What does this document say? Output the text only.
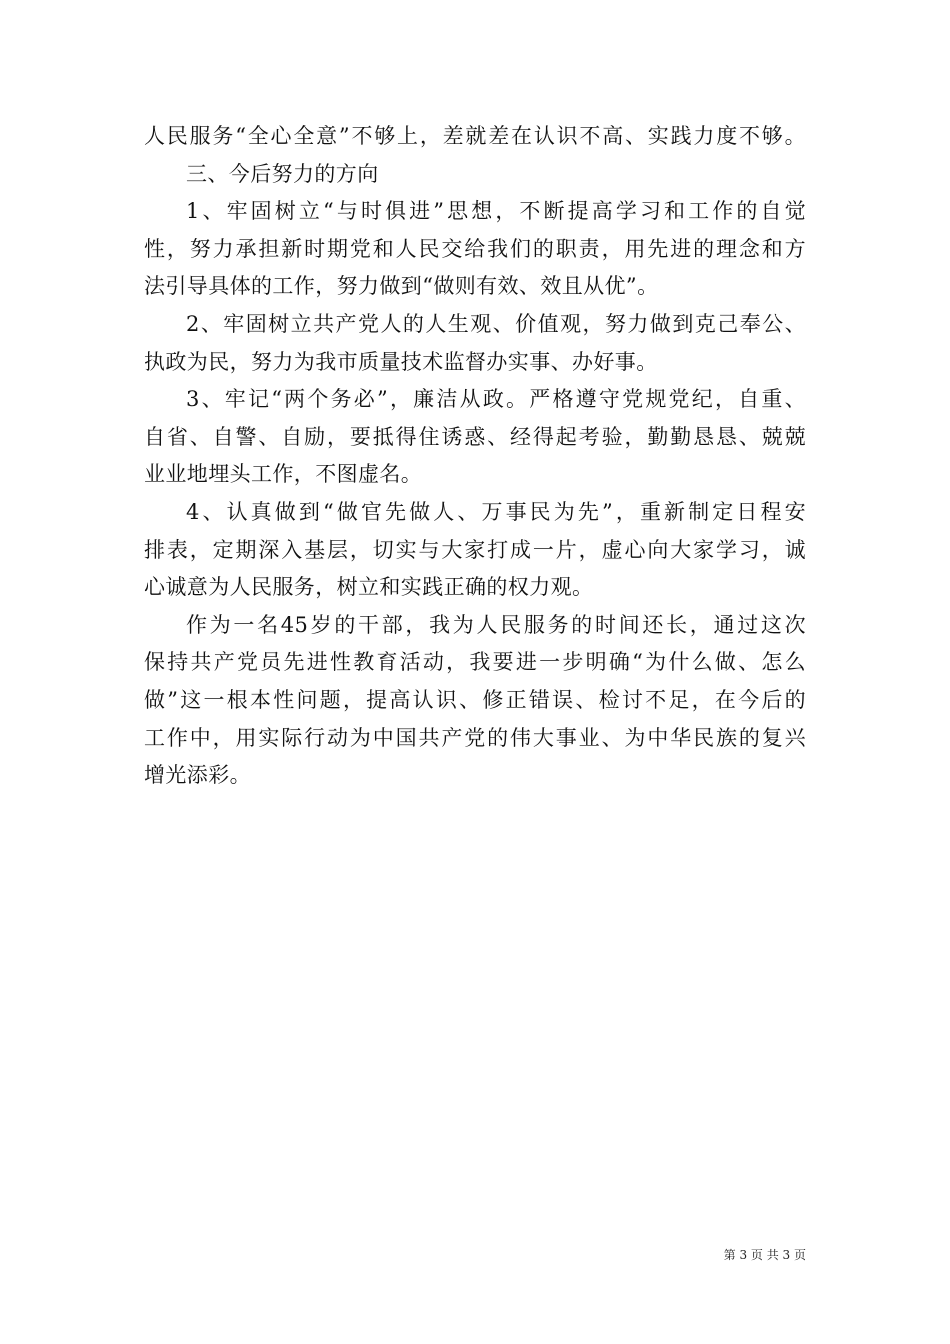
人民服务“全心全意”不够上，差就差在认识不高、实践力度不够。
三、今后努力的方向
1、牢固树立“与时俱进”思想，不断提高学习和工作的自觉
性，努力承担新时期党和人民交给我们的职责，用先进的理念和方
法引导具体的工作，努力做到“做则有效、效且从优”。
2、牢固树立共产党人的人生观、价值观，努力做到克己奉公、
执政为民，努力为我市质量技术监督办实事、办好事。
3、牢记“两个务必”，廉洁从政。严格遵守党规党纪，自重、
自省、自警、自励，要抵得住诱惑、经得起考验，勤勤恳恳、兢兢
业业地埋头工作，不图虚名。
4、认真做到“做官先做人、万事民为先”，重新制定日程安
排表，定期深入基层，切实与大家打成一片，虚心向大家学习，诚
心诚意为人民服务，树立和实践正确的权力观。
作为一名45岁的干部，我为人民服务的时间还长，通过这次
保持共产党员先进性教育活动，我要进一步明确“为什么做、怎么
做”这一根本性问题，提高认识、修正错误、检讨不足，在今后的
工作中，用实际行动为中国共产党的伟大事业、为中华民族的复兴
增光添彩。
第 3 页 共 3 页
